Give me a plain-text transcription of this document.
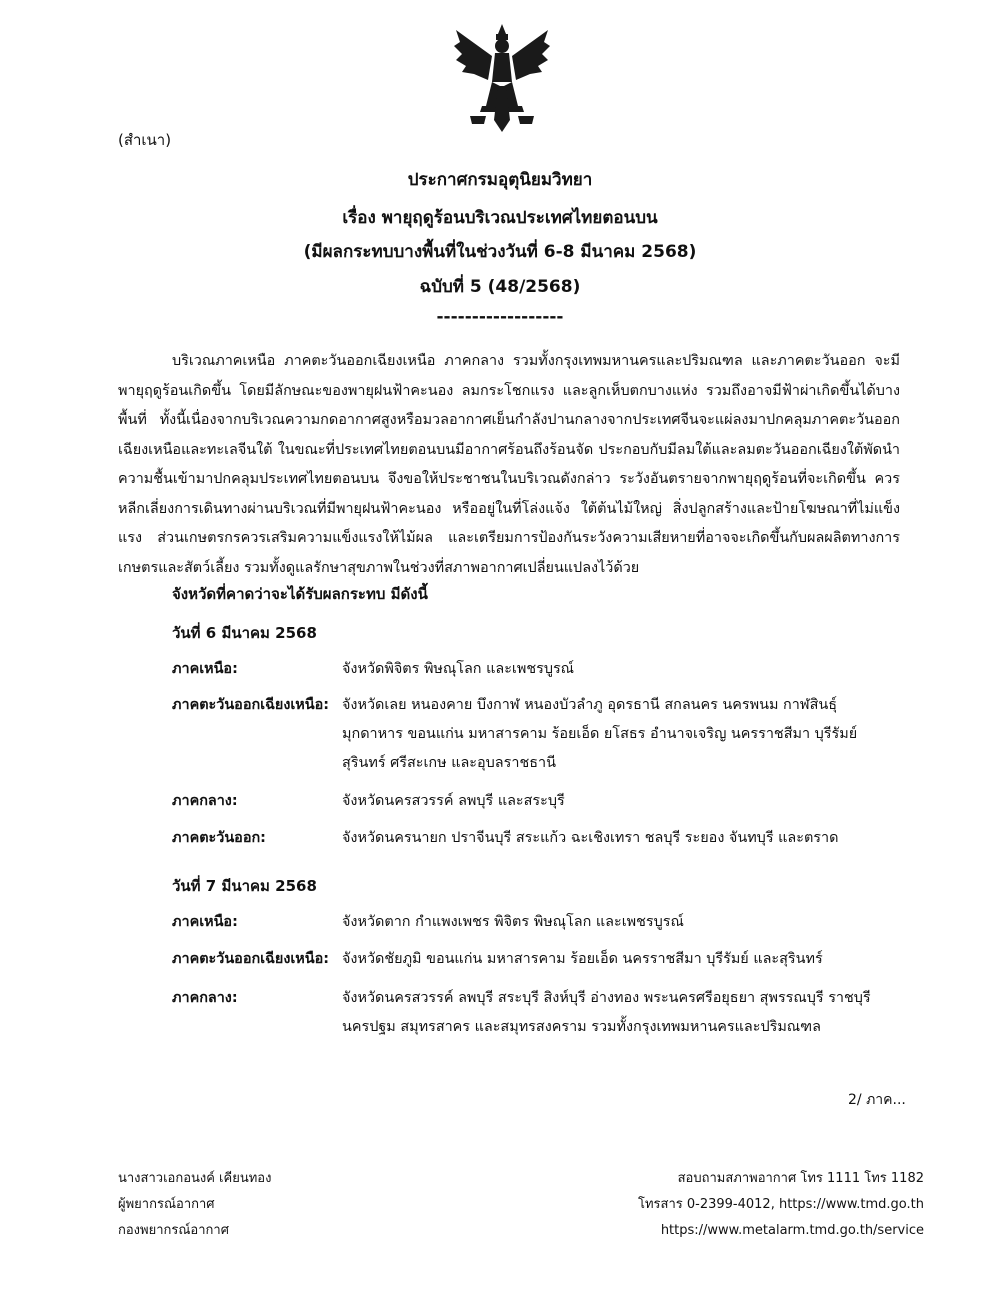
(สำเนา)
ประกาศกรมอุตุนิยมวิทยา
เรื่อง พายุฤดูร้อนบริเวณประเทศไทยตอนบน
(มีผลกระทบบางพื้นที่ในช่วงวันที่ 6-8 มีนาคม 2568)
ฉบับที่ 5 (48/2568)
------------------

บริเวณภาคเหนือ ภาคตะวันออกเฉียงเหนือ ภาคกลาง รวมทั้งกรุงเทพมหานครและปริมณฑล และภาคตะวันออก จะมีพายุฤดูร้อนเกิดขึ้น โดยมีลักษณะของพายุฝนฟ้าคะนอง ลมกระโชกแรง และลูกเห็บตกบางแห่ง รวมถึงอาจมีฟ้าผ่าเกิดขึ้นได้บางพื้นที่ ทั้งนี้เนื่องจากบริเวณความกดอากาศสูงหรือมวลอากาศเย็นกำลังปานกลางจากประเทศจีนจะแผ่ลงมาปกคลุมภาคตะวันออกเฉียงเหนือและทะเลจีนใต้ ในขณะที่ประเทศไทยตอนบนมีอากาศร้อนถึงร้อนจัด ประกอบกับมีลมใต้และลมตะวันออกเฉียงใต้พัดนำความชื้นเข้ามาปกคลุมประเทศไทยตอนบน จึงขอให้ประชาชนในบริเวณดังกล่าว ระวังอันตรายจากพายุฤดูร้อนที่จะเกิดขึ้น ควรหลีกเลี่ยงการเดินทางผ่านบริเวณที่มีพายุฝนฟ้าคะนอง หรืออยู่ในที่โล่งแจ้ง ใต้ต้นไม้ใหญ่ สิ่งปลูกสร้างและป้ายโฆษณาที่ไม่แข็งแรง ส่วนเกษตรกรควรเสริมความแข็งแรงให้ไม้ผล และเตรียมการป้องกันระวังความเสียหายที่อาจจะเกิดขึ้นกับผลผลิตทางการเกษตรและสัตว์เลี้ยง รวมทั้งดูแลรักษาสุขภาพในช่วงที่สภาพอากาศเปลี่ยนแปลงไว้ด้วย

จังหวัดที่คาดว่าจะได้รับผลกระทบ มีดังนี้
วันที่ 6 มีนาคม 2568
ภาคเหนือ:	จังหวัดพิจิตร พิษณุโลก และเพชรบูรณ์
ภาคตะวันออกเฉียงเหนือ: จังหวัดเลย หนองคาย บึงกาฬ หนองบัวลำภู อุดรธานี สกลนคร นครพนม กาฬสินธุ์ มุกดาหาร ขอนแก่น มหาสารคาม ร้อยเอ็ด ยโสธร อำนาจเจริญ นครราชสีมา บุรีรัมย์ สุรินทร์ ศรีสะเกษ และอุบลราชธานี
ภาคกลาง:	จังหวัดนครสวรรค์ ลพบุรี และสระบุรี
ภาคตะวันออก:	จังหวัดนครนายก ปราจีนบุรี สระแก้ว ฉะเชิงเทรา ชลบุรี ระยอง จันทบุรี และตราด
วันที่ 7 มีนาคม 2568
ภาคเหนือ:	จังหวัดตาก กำแพงเพชร พิจิตร พิษณุโลก และเพชรบูรณ์
ภาคตะวันออกเฉียงเหนือ: จังหวัดชัยภูมิ ขอนแก่น มหาสารคาม ร้อยเอ็ด นครราชสีมา บุรีรัมย์ และสุรินทร์
ภาคกลาง:	จังหวัดนครสวรรค์ ลพบุรี สระบุรี สิงห์บุรี อ่างทอง พระนครศรีอยุธยา สุพรรณบุรี ราชบุรี นครปฐม สมุทรสาคร และสมุทรสงคราม รวมทั้งกรุงเทพมหานครและปริมณฑล
2/ ภาค...
นางสาวเอกอนงค์ เคียนทอง
ผู้พยากรณ์อากาศ
กองพยากรณ์อากาศ
สอบถามสภาพอากาศ โทร 1111 โทร 1182
โทรสาร 0-2399-4012, https://www.tmd.go.th
https://www.metalarm.tmd.go.th/service
